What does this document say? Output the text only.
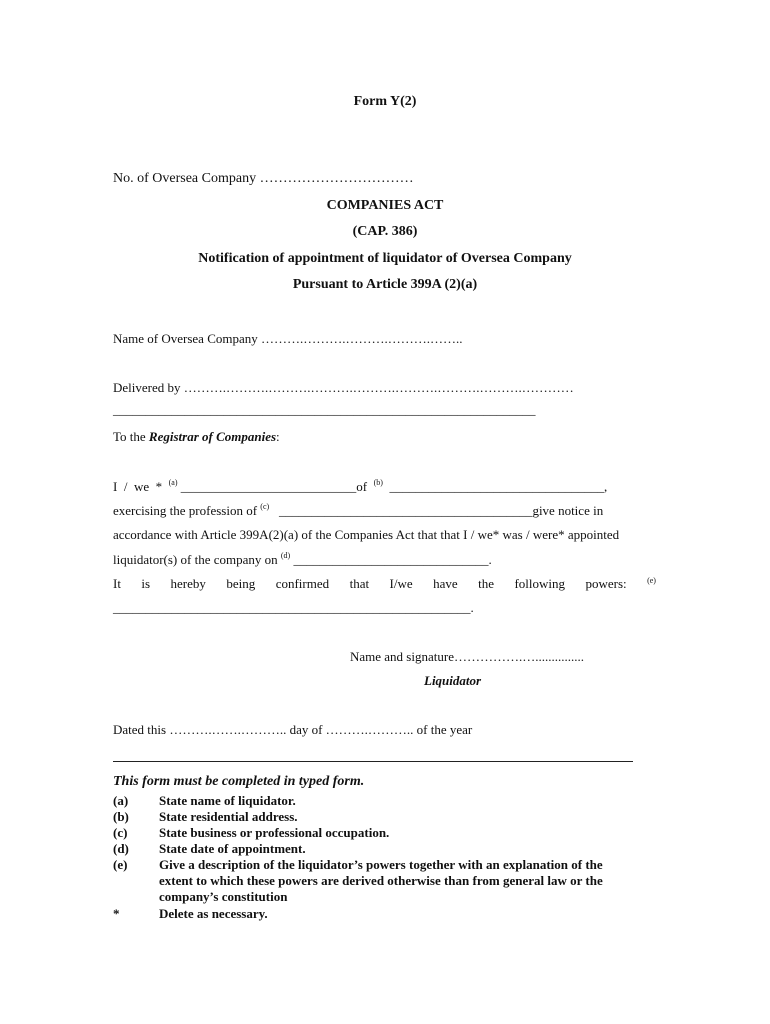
Form Y(2)
No. of Oversea Company ……………………………
COMPANIES ACT
(CAP. 386)
Notification of appointment of liquidator of Oversea Company
Pursuant to Article 399A (2)(a)
Name of Oversea Company ……….……….……….……….……..
Delivered by ……….……….……….……….……….……….……….……….…………
_________________________________________________________________
To the Registrar of Companies:
I / we * $^{(a)}$ ___________________________of $^{(b)}$ _________________________________,
exercising the profession of $^{(c)}$ _______________________________________give notice in
accordance with Article 399A(2)(a) of the Companies Act that that I / we* was / were* appointed
liquidator(s) of the company on $^{(d)}$ ______________________________.
It is hereby being confirmed that I/we have the following powers:	(e)
_______________________________________________________.
Name and signature…………….…...............
Liquidator
Dated this ……….…….……….. day of ……….……….. of the year
This form must be completed in typed form.
(a) State name of liquidator.
(b) State residential address.
(c) State business or professional occupation.
(d) State date of appointment.
(e) Give a description of the liquidator’s powers together with an explanation of the extent to which these powers are derived otherwise than from general law or the company’s constitution
*	Delete as necessary.
